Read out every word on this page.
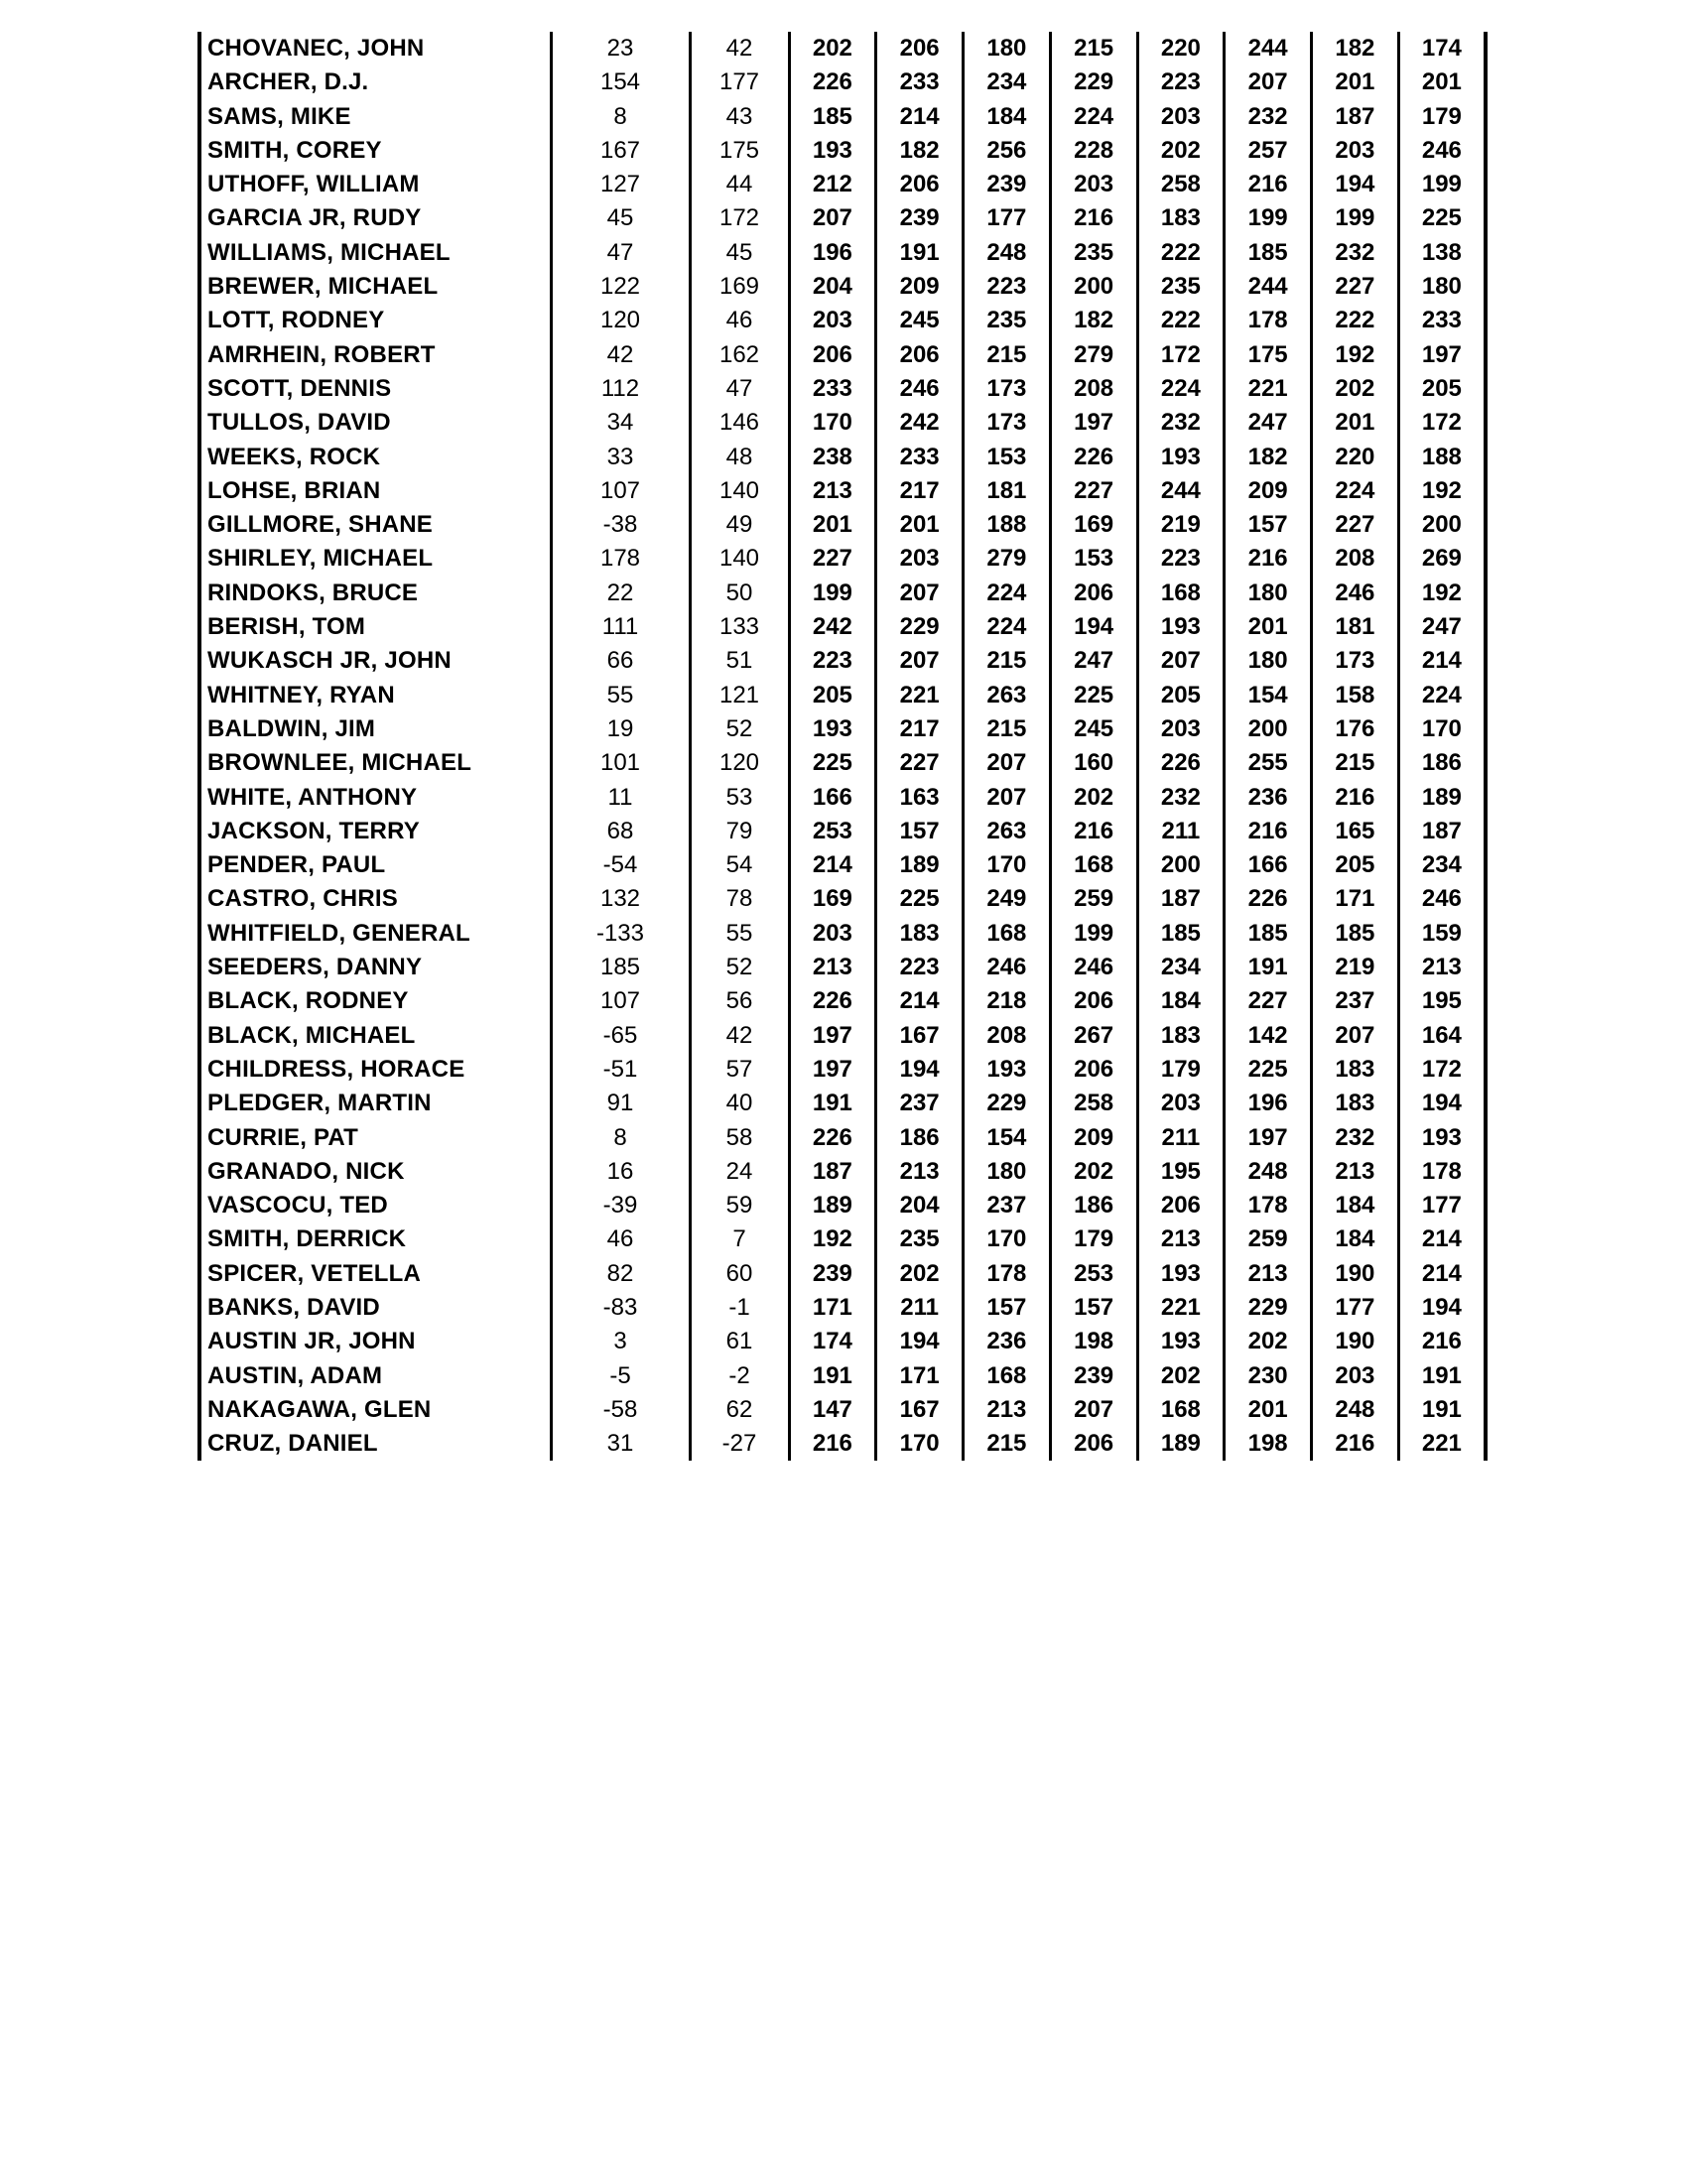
CHOVANEC, JOHN	23	42	202	206	180	215	220	244	182	174
ARCHER, D.J.	154	177	226	233	234	229	223	207	201	201
SAMS, MIKE	8	43	185	214	184	224	203	232	187	179
SMITH, COREY	167	175	193	182	256	228	202	257	203	246
UTHOFF, WILLIAM	127	44	212	206	239	203	258	216	194	199
GARCIA JR, RUDY	45	172	207	239	177	216	183	199	199	225
WILLIAMS, MICHAEL	47	45	196	191	248	235	222	185	232	138
BREWER, MICHAEL	122	169	204	209	223	200	235	244	227	180
LOTT, RODNEY	120	46	203	245	235	182	222	178	222	233
AMRHEIN, ROBERT	42	162	206	206	215	279	172	175	192	197
SCOTT, DENNIS	112	47	233	246	173	208	224	221	202	205
TULLOS, DAVID	34	146	170	242	173	197	232	247	201	172
WEEKS, ROCK	33	48	238	233	153	226	193	182	220	188
LOHSE, BRIAN	107	140	213	217	181	227	244	209	224	192
GILLMORE, SHANE	-38	49	201	201	188	169	219	157	227	200
SHIRLEY, MICHAEL	178	140	227	203	279	153	223	216	208	269
RINDOKS, BRUCE	22	50	199	207	224	206	168	180	246	192
BERISH, TOM	111	133	242	229	224	194	193	201	181	247
WUKASCH JR, JOHN	66	51	223	207	215	247	207	180	173	214
WHITNEY, RYAN	55	121	205	221	263	225	205	154	158	224
BALDWIN, JIM	19	52	193	217	215	245	203	200	176	170
BROWNLEE, MICHAEL	101	120	225	227	207	160	226	255	215	186
WHITE, ANTHONY	11	53	166	163	207	202	232	236	216	189
JACKSON, TERRY	68	79	253	157	263	216	211	216	165	187
PENDER, PAUL	-54	54	214	189	170	168	200	166	205	234
CASTRO, CHRIS	132	78	169	225	249	259	187	226	171	246
WHITFIELD, GENERAL	-133	55	203	183	168	199	185	185	185	159
SEEDERS, DANNY	185	52	213	223	246	246	234	191	219	213
BLACK, RODNEY	107	56	226	214	218	206	184	227	237	195
BLACK, MICHAEL	-65	42	197	167	208	267	183	142	207	164
CHILDRESS, HORACE	-51	57	197	194	193	206	179	225	183	172
PLEDGER, MARTIN	91	40	191	237	229	258	203	196	183	194
CURRIE, PAT	8	58	226	186	154	209	211	197	232	193
GRANADO, NICK	16	24	187	213	180	202	195	248	213	178
VASCOCU, TED	-39	59	189	204	237	186	206	178	184	177
SMITH, DERRICK	46	7	192	235	170	179	213	259	184	214
SPICER, VETELLA	82	60	239	202	178	253	193	213	190	214
BANKS, DAVID	-83	-1	171	211	157	157	221	229	177	194
AUSTIN JR, JOHN	3	61	174	194	236	198	193	202	190	216
AUSTIN, ADAM	-5	-2	191	171	168	239	202	230	203	191
NAKAGAWA, GLEN	-58	62	147	167	213	207	168	201	248	191
CRUZ, DANIEL	31	-27	216	170	215	206	189	198	216	221
